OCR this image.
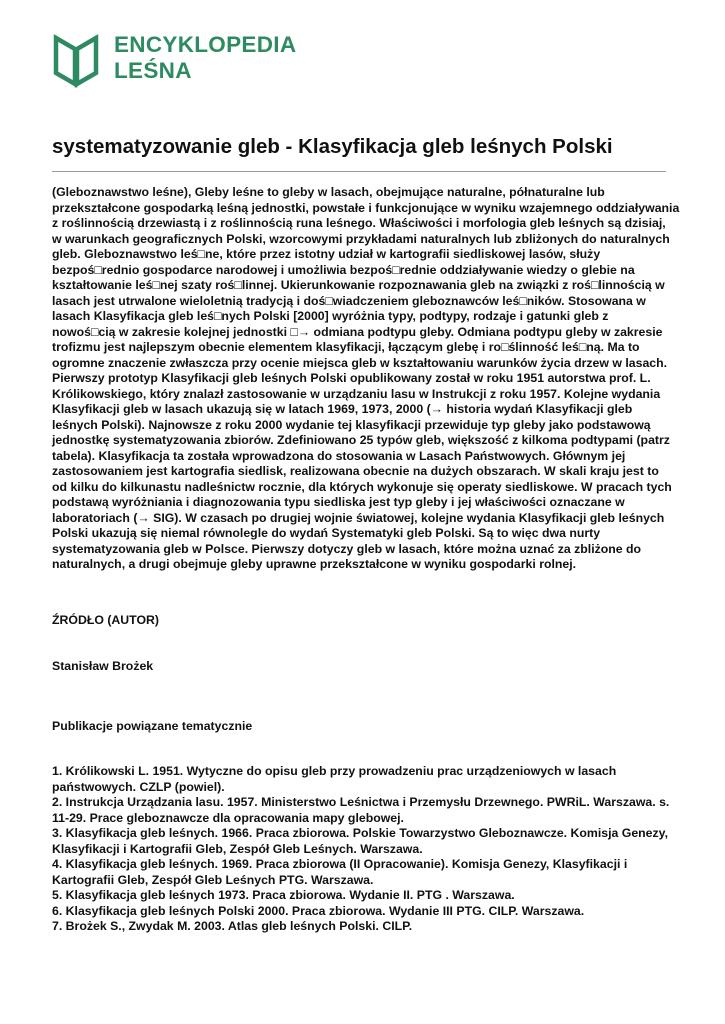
ENCYKLOPEDIA
LEŚNA
systematyzowanie gleb - Klasyfikacja gleb leśnych Polski
(Gleboznawstwo leśne), Gleby leśne to gleby w lasach, obejmujące naturalne, półnaturalne lub
przekształcone gospodarką leśną jednostki, powstałe i funkcjonujące w wyniku wzajemnego oddziaływania
z roślinnością drzewiastą i z roślinnością runa leśnego. Właściwości i morfologia gleb leśnych są dzisiaj,
w warunkach geograficznych Polski, wzorcowymi przykładami naturalnych lub zbliżonych do naturalnych
gleb. Gleboznawstwo leś□ne, które przez istotny udział w kartografii siedliskowej lasów, służy
bezpoś□rednio gospodarce narodowej i umożliwia bezpoś□rednie oddziaływanie wiedzy o glebie na
kształtowanie leś□nej szaty roś□linnej. Ukierunkowanie rozpoznawania gleb na związki z roś□linnością w
lasach jest utrwalone wieloletnią tradycją i doś□wiadczeniem gleboznawców leś□ników. Stosowana w
lasach Klasyfikacja gleb leś□nych Polski [2000] wyróżnia typy, podtypy, rodzaje i gatunki gleb z
nowoś□cią w zakresie kolejnej jednostki □→ odmiana podtypu gleby. Odmiana podtypu gleby w zakresie
trofizmu jest najlepszym obecnie elementem klasyfikacji, łączącym glebę i ro□ślinność leś□ną. Ma to
ogromne znaczenie zwłaszcza przy ocenie miejsca gleb w kształtowaniu warunków życia drzew w lasach.
Pierwszy prototyp Klasyfikacji gleb leśnych Polski opublikowany został w roku 1951 autorstwa prof. L.
Królikowskiego, który znalazł zastosowanie w urządzaniu lasu w Instrukcji z roku 1957. Kolejne wydania
Klasyfikacji gleb w lasach ukazują się w latach 1969, 1973, 2000 (→ historia wydań Klasyfikacji gleb
leśnych Polski). Najnowsze z roku 2000 wydanie tej klasyfikacji przewiduje typ gleby jako podstawową
jednostkę systematyzowania zbiorów. Zdefiniowano 25 typów gleb, większość z kilkoma podtypami (patrz
tabela). Klasyfikacja ta została wprowadzona do stosowania w Lasach Państwowych. Głównym jej
zastosowaniem jest kartografia siedlisk, realizowana obecnie na dużych obszarach. W skali kraju jest to
od kilku do kilkunastu nadleśnictw rocznie, dla których wykonuje się operaty siedliskowe. W pracach tych
podstawą wyróżniania i diagnozowania typu siedliska jest typ gleby i jej właściwości oznaczane w
laboratoriach (→ SIG). W czasach po drugiej wojnie światowej, kolejne wydania Klasyfikacji gleb leśnych
Polski ukazują się niemal równolegle do wydań Systematyki gleb Polski. Są to więc dwa nurty
systematyzowania gleb w Polsce. Pierwszy dotyczy gleb w lasach, które można uznać za zbliżone do
naturalnych, a drugi obejmuje gleby uprawne przekształcone w wyniku gospodarki rolnej.

ŹRÓDŁO (AUTOR)

Stanisław Brożek

Publikacje powiązane tematycznie

1. Królikowski L. 1951. Wytyczne do opisu gleb przy prowadzeniu prac urządzeniowych w lasach
państwowych. CZLP (powiel).
2. Instrukcja Urządzania lasu. 1957. Ministerstwo Leśnictwa i Przemysłu Drzewnego. PWRiL. Warszawa. s.
11-29. Prace gleboznawcze dla opracowania mapy glebowej.
3. Klasyfikacja gleb leśnych. 1966. Praca zbiorowa. Polskie Towarzystwo Gleboznawcze. Komisja Genezy,
Klasyfikacji i Kartografii Gleb, Zespół Gleb Leśnych. Warszawa.
4. Klasyfikacja gleb leśnych. 1969. Praca zbiorowa (II Opracowanie). Komisja Genezy, Klasyfikacji i
Kartografii Gleb, Zespół Gleb Leśnych PTG. Warszawa.
5. Klasyfikacja gleb leśnych 1973. Praca zbiorowa. Wydanie II. PTG . Warszawa.
6. Klasyfikacja gleb leśnych Polski 2000. Praca zbiorowa. Wydanie III PTG. CILP. Warszawa.
7. Brożek S., Zwydak M. 2003. Atlas gleb leśnych Polski. CILP.
